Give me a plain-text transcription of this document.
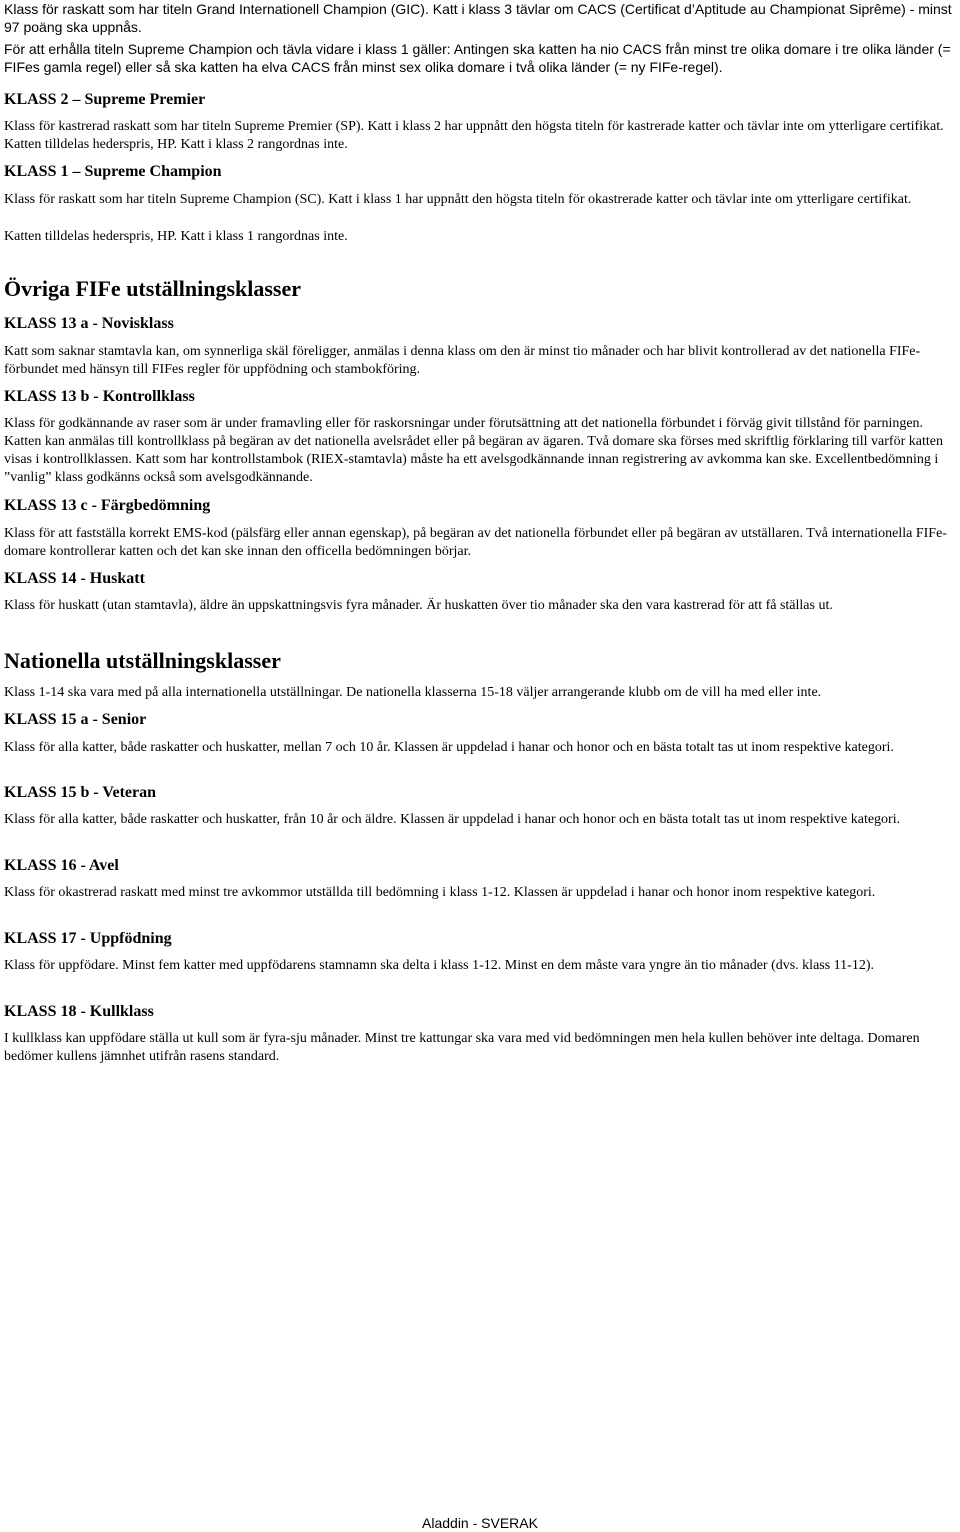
Klass för raskatt som har titeln Grand Internationell Champion (GIC). Katt i klass 3 tävlar om CACS (Certificat d’Aptitude au Championat Siprême) - minst 97 poäng ska uppnås.

För att erhålla titeln Supreme Champion och tävla vidare i klass 1 gäller: Antingen ska katten ha nio CACS från minst tre olika domare i tre olika länder (= FIFes gamla regel) eller så ska katten ha elva CACS från minst sex olika domare i två olika länder (= ny FIFe-regel).

KLASS 2 – Supreme Premier

Klass för kastrerad raskatt som har titeln Supreme Premier (SP). Katt i klass 2 har uppnått den högsta titeln för kastrerade katter och tävlar inte om ytterligare certifikat. Katten tilldelas hederspris, HP. Katt i klass 2 rangordnas inte.

KLASS 1 – Supreme Champion

Klass för raskatt som har titeln Supreme Champion (SC). Katt i klass 1 har uppnått den högsta titeln för okastrerade katter och tävlar inte om ytterligare certifikat.

Katten tilldelas hederspris, HP. Katt i klass 1 rangordnas inte.

Övriga FIFe utställningsklasser
KLASS 13 a - Novisklass

Katt som saknar stamtavla kan, om synnerliga skäl föreligger, anmälas i denna klass om den är minst tio månader och har blivit kontrollerad av det nationella FIFe-förbundet med hänsyn till FIFes regler för uppfödning och stambokföring.

KLASS 13 b - Kontrollklass

Klass för godkännande av raser som är under framavling eller för raskorsningar under förutsättning att det nationella förbundet i förväg givit tillstånd för parningen. Katten kan anmälas till kontrollklass på begäran av det nationella avelsrådet eller på begäran av ägaren. Två domare ska förses med skriftlig förklaring till varför katten visas i kontrollklassen. Katt som har kontrollstambok (RIEX-stamtavla) måste ha ett avelsgodkännande innan registrering av avkomma kan ske. Excellentbedömning i ”vanlig” klass godkänns också som avelsgodkännande.

KLASS 13 c - Färgbedömning

Klass för att fastställa korrekt EMS-kod (pälsfärg eller annan egenskap), på begäran av det nationella förbundet eller på begäran av utställaren. Två internationella FIFe-domare kontrollerar katten och det kan ske innan den officella bedömningen börjar.

KLASS 14 - Huskatt

Klass för huskatt (utan stamtavla), äldre än uppskattningsvis fyra månader. Är huskatten över tio månader ska den vara kastrerad för att få ställas ut.

Nationella utställningsklasser

Klass 1-14 ska vara med på alla internationella utställningar. De nationella klasserna 15-18 väljer arrangerande klubb om de vill ha med eller inte.

KLASS 15 a - Senior

Klass för alla katter, både raskatter och huskatter, mellan 7 och 10 år. Klassen är uppdelad i hanar och honor och en bästa totalt tas ut inom respektive kategori.

KLASS 15 b - Veteran

Klass för alla katter, både raskatter och huskatter, från 10 år och äldre. Klassen är uppdelad i hanar och honor och en bästa totalt tas ut inom respektive kategori.

KLASS 16 - Avel

Klass för okastrerad raskatt med minst tre avkommor utställda till bedömning i klass 1-12. Klassen är uppdelad i hanar och honor inom respektive kategori.

KLASS 17 - Uppfödning

Klass för uppfödare. Minst fem katter med uppfödarens stamnamn ska delta i klass 1-12. Minst en dem måste vara yngre än tio månader (dvs. klass 11-12).

KLASS 18 - Kullklass

I kullklass kan uppfödare ställa ut kull som är fyra-sju månader. Minst tre kattungar ska vara med vid bedömningen men hela kullen behöver inte deltaga. Domaren bedömer kullens jämnhet utifrån rasens standard.

Aladdin - SVERAK
